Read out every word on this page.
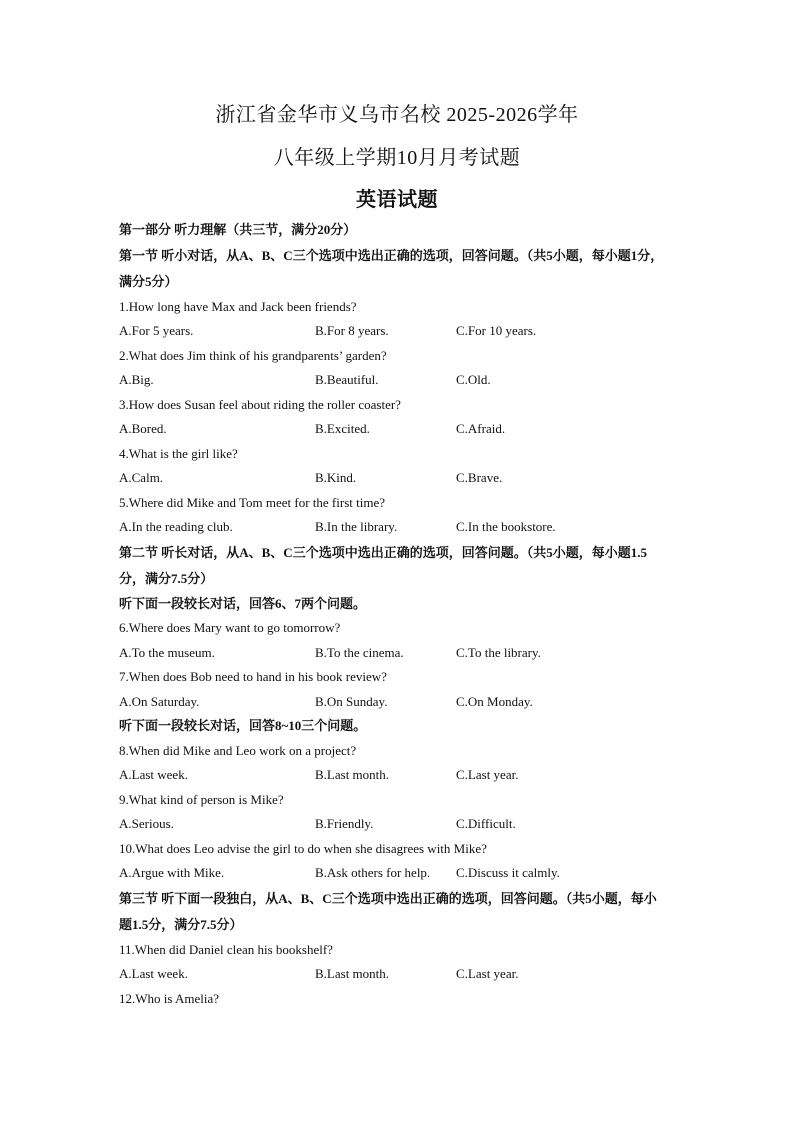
浙江省金华市义乌市名校 2025-2026学年
八年级上学期10月月考试题
英语试题
第一部分 听力理解（共三节，满分20分）
第一节 听小对话，从A、B、C三个选项中选出正确的选项，回答问题。（共5小题，每小题1分，满分5分）
1.How long have Max and Jack been friends?
A.For 5 years.	B.For 8 years.	C.For 10 years.
2.What does Jim think of his grandparents’ garden?
A.Big.	B.Beautiful.	C.Old.
3.How does Susan feel about riding the roller coaster?
A.Bored.	B.Excited.	C.Afraid.
4.What is the girl like?
A.Calm.	B.Kind.	C.Brave.
5.Where did Mike and Tom meet for the first time?
A.In the reading club.	B.In the library.	C.In the bookstore.
第二节 听长对话，从A、B、C三个选项中选出正确的选项，回答问题。（共5小题，每小题1.5分，满分7.5分）
听下面一段较长对话，回答6、7两个问题。
6.Where does Mary want to go tomorrow?
A.To the museum.	B.To the cinema.	C.To the library.
7.When does Bob need to hand in his book review?
A.On Saturday.	B.On Sunday.	C.On Monday.
听下面一段较长对话，回答8~10三个问题。
8.When did Mike and Leo work on a project?
A.Last week.	B.Last month.	C.Last year.
9.What kind of person is Mike?
A.Serious.	B.Friendly.	C.Difficult.
10.What does Leo advise the girl to do when she disagrees with Mike?
A.Argue with Mike.	B.Ask others for help. C.Discuss it calmly.
第三节 听下面一段独白，从A、B、C三个选项中选出正确的选项，回答问题。（共5小题，每小题1.5分，满分7.5分）
11.When did Daniel clean his bookshelf?
A.Last week.	B.Last month.	C.Last year.
12.Who is Amelia?
